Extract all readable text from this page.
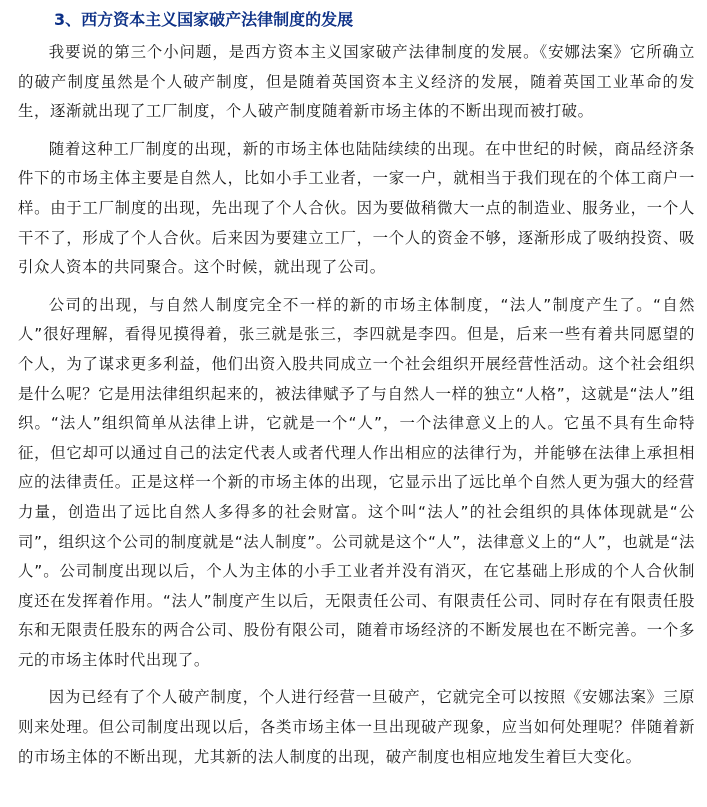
3、西方资本主义国家破产法律制度的发展

我要说的第三个小问题，是西方资本主义国家破产法律制度的发展。《安娜法案》它所确立的破产制度虽然是个人破产制度，但是随着英国资本主义经济的发展，随着英国工业革命的发生，逐渐就出现了工厂制度，个人破产制度随着新市场主体的不断出现而被打破。

随着这种工厂制度的出现，新的市场主体也陆陆续续的出现。在中世纪的时候，商品经济条件下的市场主体主要是自然人，比如小手工业者，一家一户，就相当于我们现在的个体工商户一样。由于工厂制度的出现，先出现了个人合伙。因为要做稍微大一点的制造业、服务业，一个人干不了，形成了个人合伙。后来因为要建立工厂，一个人的资金不够，逐渐形成了吸纳投资、吸引众人资本的共同聚合。这个时候，就出现了公司。

公司的出现，与自然人制度完全不一样的新的市场主体制度，“法人”制度产生了。“自然人”很好理解，看得见摸得着，张三就是张三，李四就是李四。但是，后来一些有着共同愿望的个人，为了谋求更多利益，他们出资入股共同成立一个社会组织开展经营性活动。这个社会组织是什么呢？它是用法律组织起来的，被法律赋予了与自然人一样的独立“人格”，这就是“法人”组织。“法人”组织简单从法律上讲，它就是一个“人”，一个法律意义上的人。它虽不具有生命特征，但它却可以通过自己的法定代表人或者代理人作出相应的法律行为，并能够在法律上承担相应的法律责任。正是这样一个新的市场主体的出现，它显示出了远比单个自然人更为强大的经营力量，创造出了远比自然人多得多的社会财富。这个叫“法人”的社会组织的具体体现就是“公司”，组织这个公司的制度就是“法人制度”。公司就是这个“人”，法律意义上的“人”，也就是“法人”。公司制度出现以后，个人为主体的小手工业者并没有消灭，在它基础上形成的个人合伙制度还在发挥着作用。“法人”制度产生以后，无限责任公司、有限责任公司、同时存在有限责任股东和无限责任股东的两合公司、股份有限公司，随着市场经济的不断发展也在不断完善。一个多元的市场主体时代出现了。

因为已经有了个人破产制度，个人进行经营一旦破产，它就完全可以按照《安娜法案》三原则来处理。但公司制度出现以后，各类市场主体一旦出现破产现象，应当如何处理呢？伴随着新的市场主体的不断出现，尤其新的法人制度的出现，破产制度也相应地发生着巨大变化。
